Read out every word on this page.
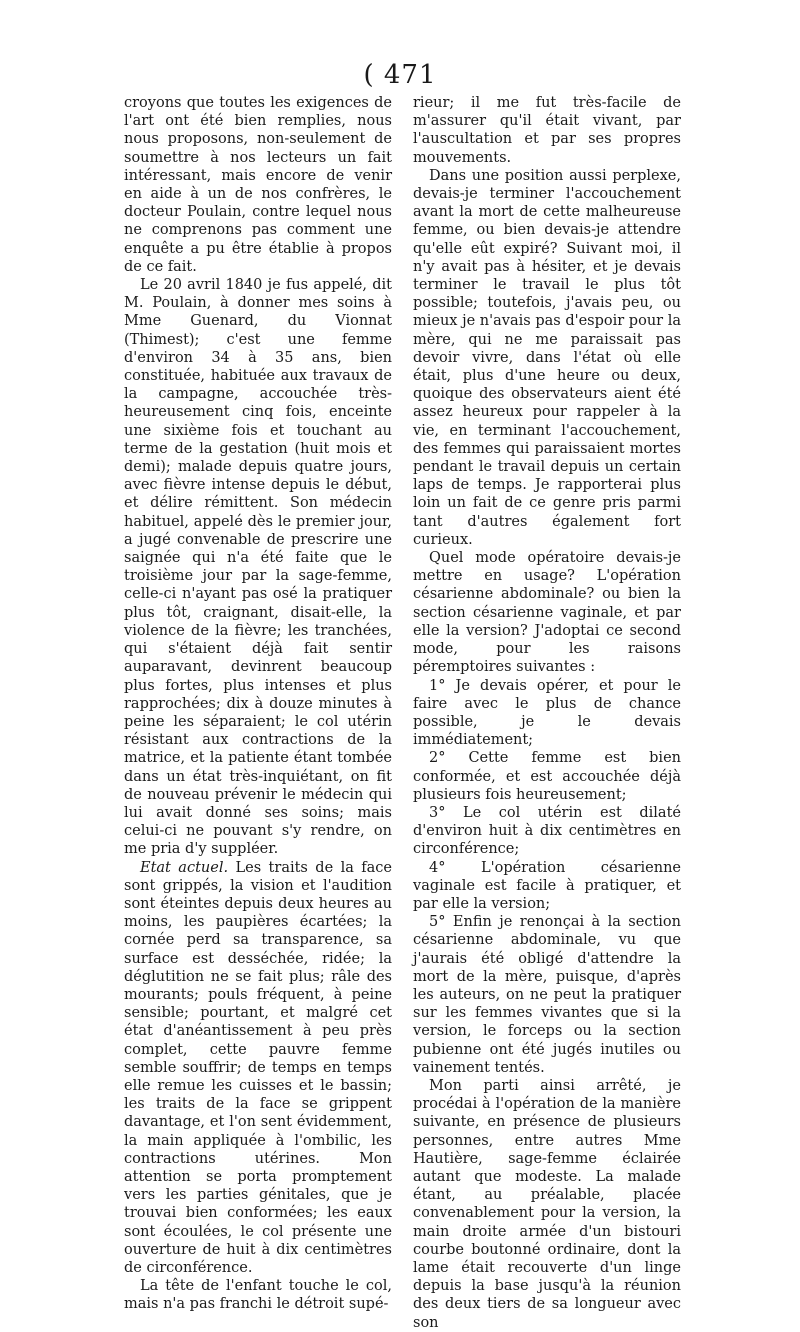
( 471

croyons que toutes les exigences de l'art ont été bien remplies, nous nous proposons, non-seulement de soumettre à nos lecteurs un fait intéressant, mais encore de venir en aide à un de nos confrères, le docteur Poulain, contre lequel nous ne comprenons pas comment une enquête a pu être établie à propos de ce fait.

Le 20 avril 1840 je fus appelé, dit M. Poulain, à donner mes soins à Mme Guenard, du Vionnat (Thimest); c'est une femme d'environ 34 à 35 ans, bien constituée, habituée aux travaux de la campagne, accouchée très-heureusement cinq fois, enceinte une sixième fois et touchant au terme de la gestation (huit mois et demi); malade depuis quatre jours, avec fièvre intense depuis le début, et délire rémittent. Son médecin habituel, appelé dès le premier jour, a jugé convenable de prescrire une saignée qui n'a été faite que le troisième jour par la sage-femme, celle-ci n'ayant pas osé la pratiquer plus tôt, craignant, disait-elle, la violence de la fièvre; les tranchées, qui s'étaient déjà fait sentir auparavant, devinrent beaucoup plus fortes, plus intenses et plus rapprochées; dix à douze minutes à peine les séparaient; le col utérin résistant aux contractions de la matrice, et la patiente étant tombée dans un état très-inquiétant, on fit de nouveau prévenir le médecin qui lui avait donné ses soins; mais celui-ci ne pouvant s'y rendre, on me pria d'y suppléer.

Etat actuel. Les traits de la face sont grippés, la vision et l'audition sont éteintes depuis deux heures au moins, les paupières écartées; la cornée perd sa transparence, sa surface est desséchée, ridée; la déglutition ne se fait plus; râle des mourants; pouls fréquent, à peine sensible; pourtant, et malgré cet état d'anéantissement à peu près complet, cette pauvre femme semble souffrir; de temps en temps elle remue les cuisses et le bassin; les traits de la face se grippent davantage, et l'on sent évidemment, la main appliquée à l'ombilic, les contractions utérines. Mon attention se porta promptement vers les parties génitales, que je trouvai bien conformées; les eaux sont écoulées, le col présente une ouverture de huit à dix centimètres de circonférence.

La tête de l'enfant touche le col, mais n'a pas franchi le détroit supé-

rieur; il me fut très-facile de m'assurer qu'il était vivant, par l'auscultation et par ses propres mouvements.

Dans une position aussi perplexe, devais-je terminer l'accouchement avant la mort de cette malheureuse femme, ou bien devais-je attendre qu'elle eût expiré? Suivant moi, il n'y avait pas à hésiter, et je devais terminer le travail le plus tôt possible; toutefois, j'avais peu, ou mieux je n'avais pas d'espoir pour la mère, qui ne me paraissait pas devoir vivre, dans l'état où elle était, plus d'une heure ou deux, quoique des observateurs aient été assez heureux pour rappeler à la vie, en terminant l'accouchement, des femmes qui paraissaient mortes pendant le travail depuis un certain laps de temps. Je rapporterai plus loin un fait de ce genre pris parmi tant d'autres également fort curieux.

Quel mode opératoire devais-je mettre en usage? L'opération césarienne abdominale? ou bien la section césarienne vaginale, et par elle la version? J'adoptai ce second mode, pour les raisons péremptoires suivantes :

1° Je devais opérer, et pour le faire avec le plus de chance possible, je le devais immédiatement;

2° Cette femme est bien conformée, et est accouchée déjà plusieurs fois heureusement;

3° Le col utérin est dilaté d'environ huit à dix centimètres en circonférence;

4° L'opération césarienne vaginale est facile à pratiquer, et par elle la version;

5° Enfin je renonçai à la section césarienne abdominale, vu que j'aurais été obligé d'attendre la mort de la mère, puisque, d'après les auteurs, on ne peut la pratiquer sur les femmes vivantes que si la version, le forceps ou la section pubienne ont été jugés inutiles ou vainement tentés.

Mon parti ainsi arrêté, je procédai à l'opération de la manière suivante, en présence de plusieurs personnes, entre autres Mme Hautière, sage-femme éclairée autant que modeste. La malade étant, au préalable, placée convenablement pour la version, la main droite armée d'un bistouri courbe boutonné ordinaire, dont la lame était recouverte d'un linge depuis la base jusqu'à la réunion des deux tiers de sa longueur avec son
